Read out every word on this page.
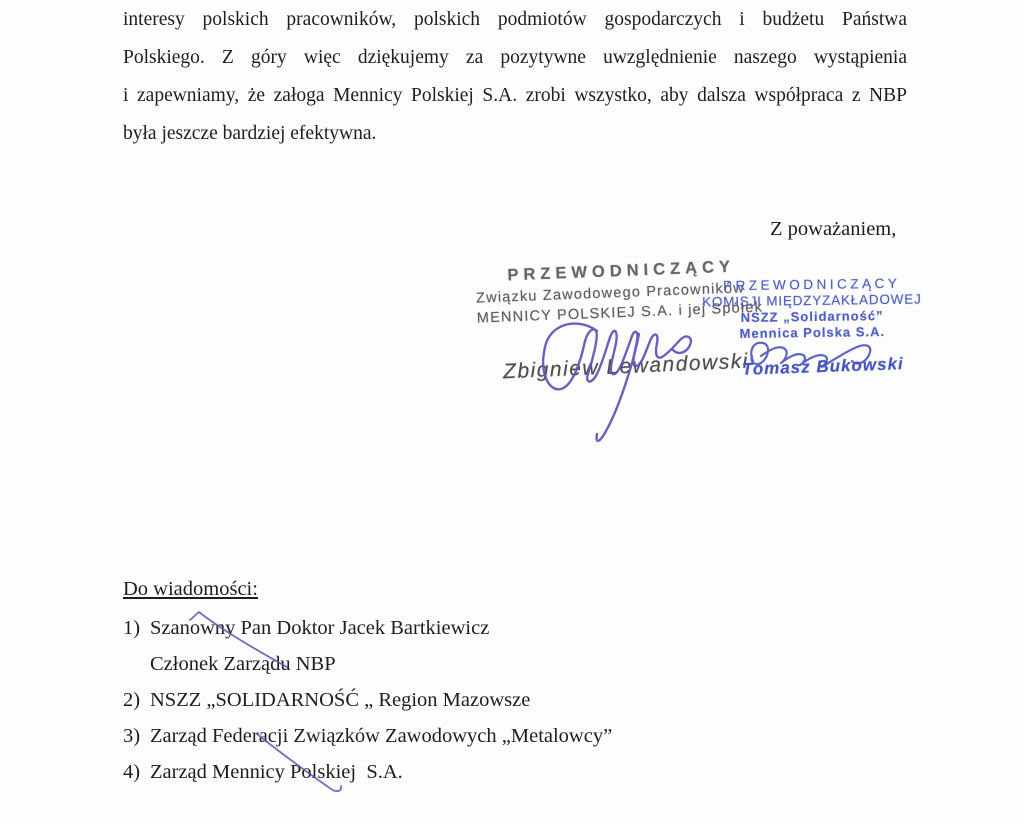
interesy polskich pracowników, polskich podmiotów gospodarczych i budżetu Państwa
Polskiego. Z góry więc dziękujemy za pozytywne uwzględnienie naszego wystąpienia
i zapewniamy, że załoga Mennicy Polskiej S.A. zrobi wszystko, aby dalsza współpraca z NBP
była jeszcze bardziej efektywna.
Z poważaniem,
PRZEWODNICZĄCY
Związku Zawodowego Pracowników
MENNICY POLSKIEJ S.A. i jej Spółek
Zbigniew Lewandowski
PRZEWODNICZĄCY
KOMISJI MIĘDZYZAKŁADOWEJ
NSZZ „Solidarność”
Mennica Polska S.A.
Tomasz Bukowski
Do wiadomości:
1) Szanowny Pan Doktor Jacek Bartkiewicz
Członek Zarządu NBP
2) NSZZ „SOLIDARNOŚĆ „ Region Mazowsze
3) Zarząd Federacji Związków Zawodowych „Metalowcy”
4) Zarząd Mennicy Polskiej  S.A.
